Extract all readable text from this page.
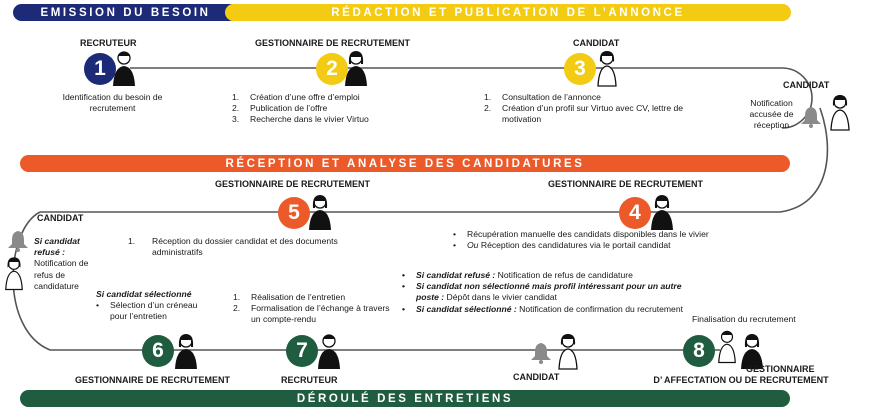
EMISSION DU BESOIN	RÉDACTION ET PUBLICATION DE L’ANNONCE
RÉCEPTION ET ANALYSE DES CANDIDATURES
DÉROULÉ DES ENTRETIENS
RECRUTEUR
1
Identification du besoin de recrutement
GESTIONNAIRE DE RECRUTEMENT
2
1.	Création d’une offre d’emploi
2.	Publication de l’offre
3.	Recherche dans le vivier Virtuo
CANDIDAT
3
1.	Consultation de l’annonce
2.	Création d’un profil sur Virtuo avec CV, lettre de motivation
CANDIDAT
Notification
accusée de
réception
GESTIONNAIRE DE RECRUTEMENT
5
1.	Réception du dossier candidat et des documents administratifs
GESTIONNAIRE DE RECRUTEMENT
4
•	Récupération manuelle des candidats disponibles dans le vivier
•	Ou Réception des candidatures via le portail candidat
CANDIDAT
Si candidat refusé :
Notification de refus de candidature
Si candidat sélectionné
•	Sélection d’un créneau pour l’entretien
1.	Réalisation de l’entretien
2.	Formalisation de l’échange à travers un compte-rendu
•	Si candidat refusé : Notification de refus de candidature
•	Si candidat non sélectionné mais profil intéressant pour un autre poste : Dépôt dans le vivier candidat
•	Si candidat sélectionné : Notification de confirmation du recrutement
6
GESTIONNAIRE DE RECRUTEMENT
7
RECRUTEUR	CANDIDAT
Finalisation du recrutement
8
GESTIONNAIRE
D’ AFFECTATION OU DE RECRUTEMENT
